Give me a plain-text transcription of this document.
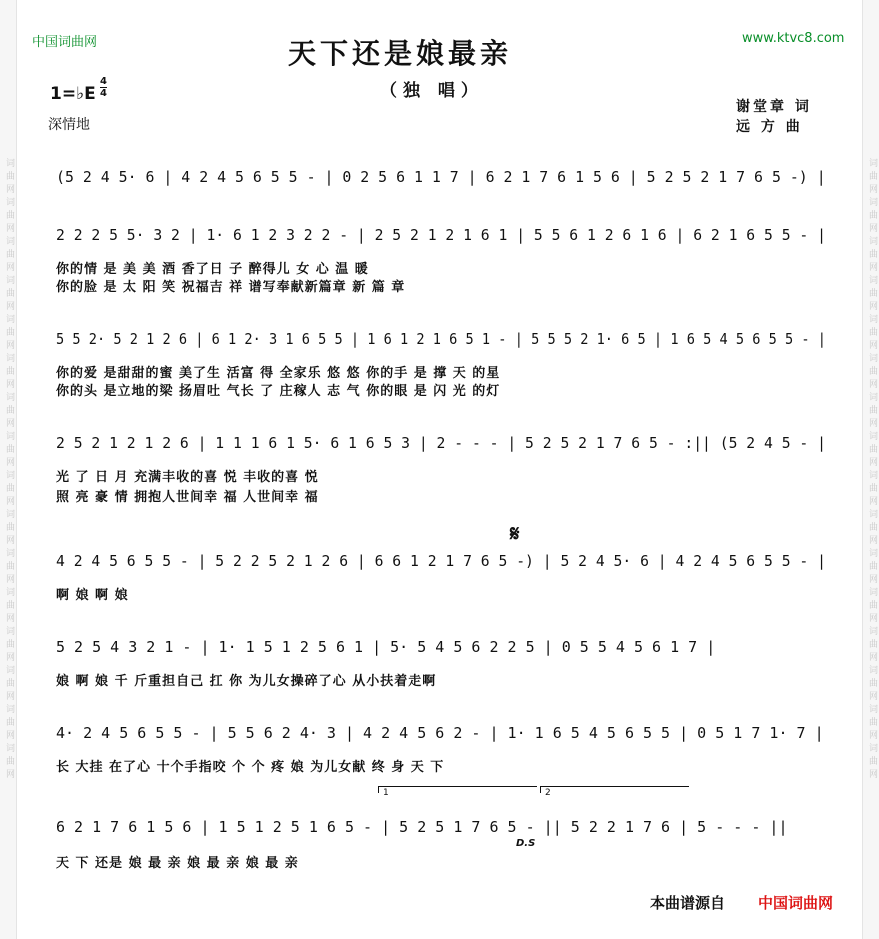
词曲网词曲网词曲网词曲网词曲网词曲网词曲网词曲网词曲网词曲网词曲网词曲网词曲网词曲网词曲网词曲网	词曲网词曲网词曲网词曲网词曲网词曲网词曲网词曲网词曲网词曲网词曲网词曲网词曲网词曲网词曲网词曲网
中国词曲网	www.ktvc8.com
天下还是娘最亲
（独 唱）
1=♭E
4
4
深情地
谢堂章 词
远 方 曲
(5 2 4 5· 6 | 4 2 4 5 6 5 5 - | 0 2 5 6 1 1 7 | 6 2 1 7 6 1 5 6 | 5 2 5 2 1 7 6 5 -) |
2 2 2 5 5· 3 2 | 1· 6 1 2 3 2 2 - | 2 5 2 1 2 1 6 1 | 5 5 6 1 2 6 1 6 | 6 2 1 6 5 5 - |
你的情 是 美 美 酒 香了日 子 醉得儿 女 心 温 暖
你的脸 是 太 阳 笑 祝福吉 祥 谱写奉献新篇章 新 篇 章
5 5 2· 5 2 1 2 6 | 6 1 2· 3 1 6 5 5 | 1 6 1 2 1 6 5 1 - | 5 5 5 2 1· 6 5 | 1 6 5 4 5 6 5 5 - |
你的爱 是甜甜的蜜 美了生 活富 得 全家乐 悠 悠 你的手 是 撑 天 的星
你的头 是立地的梁 扬眉吐 气长 了 庄稼人 志 气 你的眼 是 闪 光 的灯
2 5 2 1 2 1 2 6 | 1 1 1 6 1 5· 6 1 6 5 3 | 2 - - - | 5 2 5 2 1 7 6 5 - :|| (5 2 4 5 - |
光 了 日 月 充满丰收的喜 悦 丰收的喜 悦
照 亮 豪 情 拥抱人世间幸 福 人世间幸 福
𝄋
4 2 4 5 6 5 5 - | 5 2 2 5 2 1 2 6 | 6 6 1 2 1 7 6 5 -) | 5 2 4 5· 6 | 4 2 4 5 6 5 5 - |
啊 娘 啊 娘
5 2 5 4 3 2 1 - | 1· 1 5 1 2 5 6 1 | 5· 5 4 5 6 2 2 5 | 0 5 5 4 5 6 1 7 |
娘 啊 娘 千 斤重担自己 扛 你 为儿女操碎了心 从小扶着走啊
4· 2 4 5 6 5 5 - | 5 5 6 2 4· 3 | 4 2 4 5 6 2 - | 1· 1 6 5 4 5 6 5 5 | 0 5 1 7 1· 7 |
长 大挂 在了心 十个手指咬 个 个 疼 娘 为儿女献 终 身 天 下
1	2
6 2 1 7 6 1 5 6 | 1 5 1 2 5 1 6 5 - | 5 2 5 1 7 6 5 - || 5 2 2 1 7 6 | 5 - - - ||
D.S
天 下 还是 娘 最 亲 娘 最 亲 娘 最 亲
本曲谱源自 中国词曲网
